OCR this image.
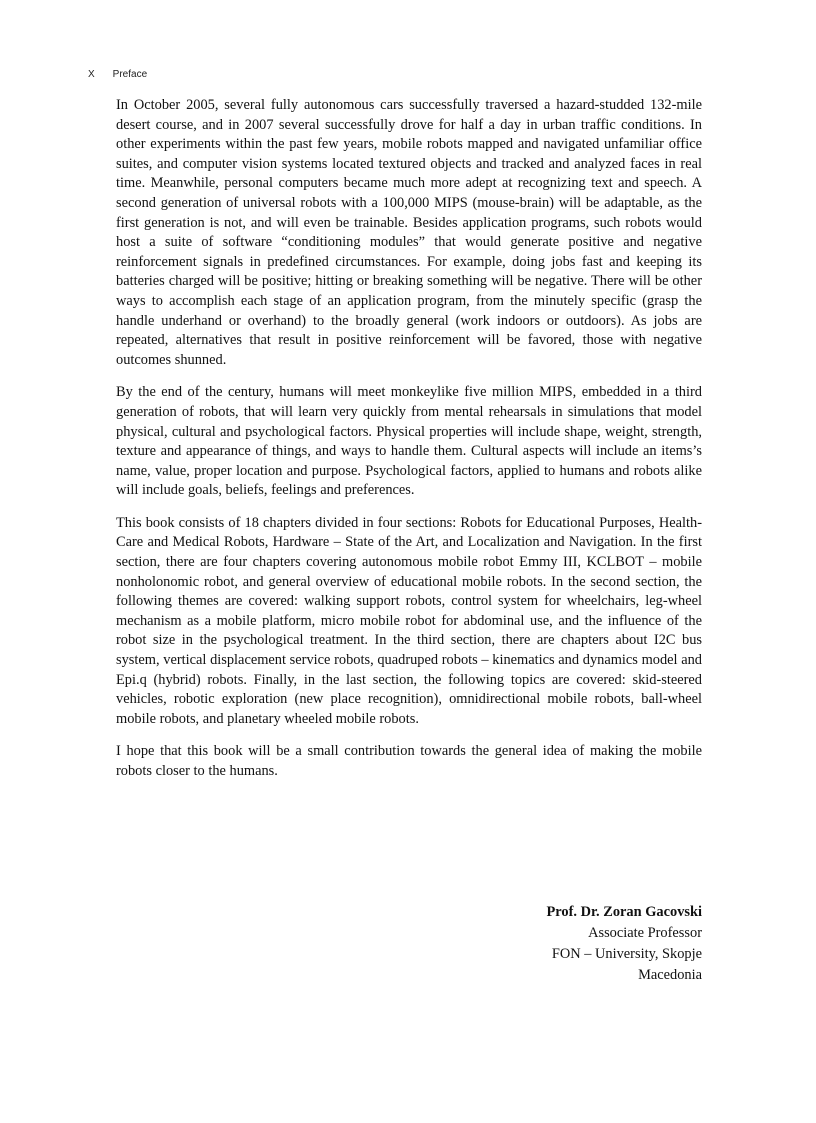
X Preface

In October 2005, several fully autonomous cars successfully traversed a hazard-studded 132-mile desert course, and in 2007 several successfully drove for half a day in urban traffic conditions. In other experiments within the past few years, mobile robots mapped and navigated unfamiliar office suites, and computer vision systems located textured objects and tracked and analyzed faces in real time. Meanwhile, personal computers became much more adept at recognizing text and speech. A second generation of universal robots with a 100,000 MIPS (mouse-brain) will be adaptable, as the first generation is not, and will even be trainable. Besides application programs, such robots would host a suite of software “conditioning modules” that would generate positive and negative reinforcement signals in predefined circumstances. For example, doing jobs fast and keeping its batteries charged will be positive; hitting or breaking something will be negative. There will be other ways to accomplish each stage of an application program, from the minutely specific (grasp the handle underhand or overhand) to the broadly general (work indoors or outdoors). As jobs are repeated, alternatives that result in positive reinforcement will be favored, those with negative outcomes shunned.

By the end of the century, humans will meet monkeylike five million MIPS, embedded in a third generation of robots, that will learn very quickly from mental rehearsals in simulations that model physical, cultural and psychological factors. Physical properties will include shape, weight, strength, texture and appearance of things, and ways to handle them. Cultural aspects will include an items’s name, value, proper location and purpose. Psychological factors, applied to humans and robots alike will include goals, beliefs, feelings and preferences.

This book consists of 18 chapters divided in four sections: Robots for Educational Purposes, Health-Care and Medical Robots, Hardware – State of the Art, and Localization and Navigation. In the first section, there are four chapters covering autonomous mobile robot Emmy III, KCLBOT – mobile nonholonomic robot, and general overview of educational mobile robots. In the second section, the following themes are covered: walking support robots, control system for wheelchairs, leg-wheel mechanism as a mobile platform, micro mobile robot for abdominal use, and the influence of the robot size in the psychological treatment. In the third section, there are chapters about I2C bus system, vertical displacement service robots, quadruped robots – kinematics and dynamics model and Epi.q (hybrid) robots. Finally, in the last section, the following topics are covered: skid-steered vehicles, robotic exploration (new place recognition), omnidirectional mobile robots, ball-wheel mobile robots, and planetary wheeled mobile robots.

I hope that this book will be a small contribution towards the general idea of making the mobile robots closer to the humans.

Prof. Dr. Zoran Gacovski
Associate Professor
FON – University, Skopje
Macedonia
